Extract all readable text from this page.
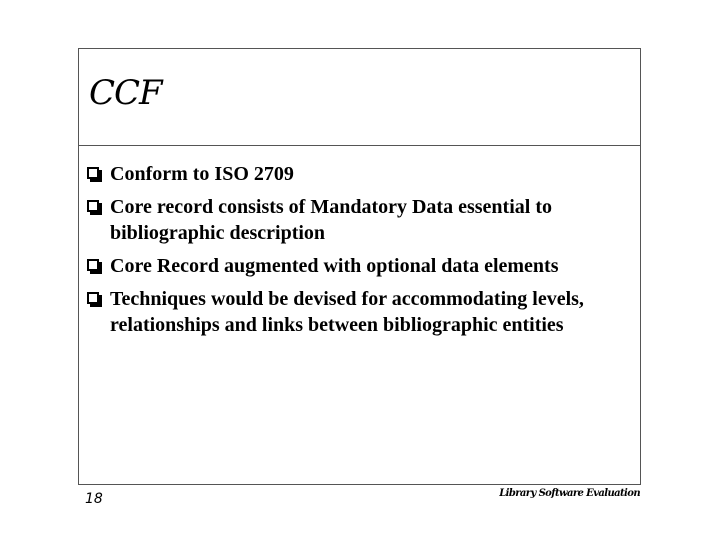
CCF
Conform to ISO 2709
Core record consists of Mandatory Data essential to bibliographic description
Core Record augmented with optional data elements
Techniques would be devised for accommodating levels, relationships and links between bibliographic entities
18	Library Software Evaluation
